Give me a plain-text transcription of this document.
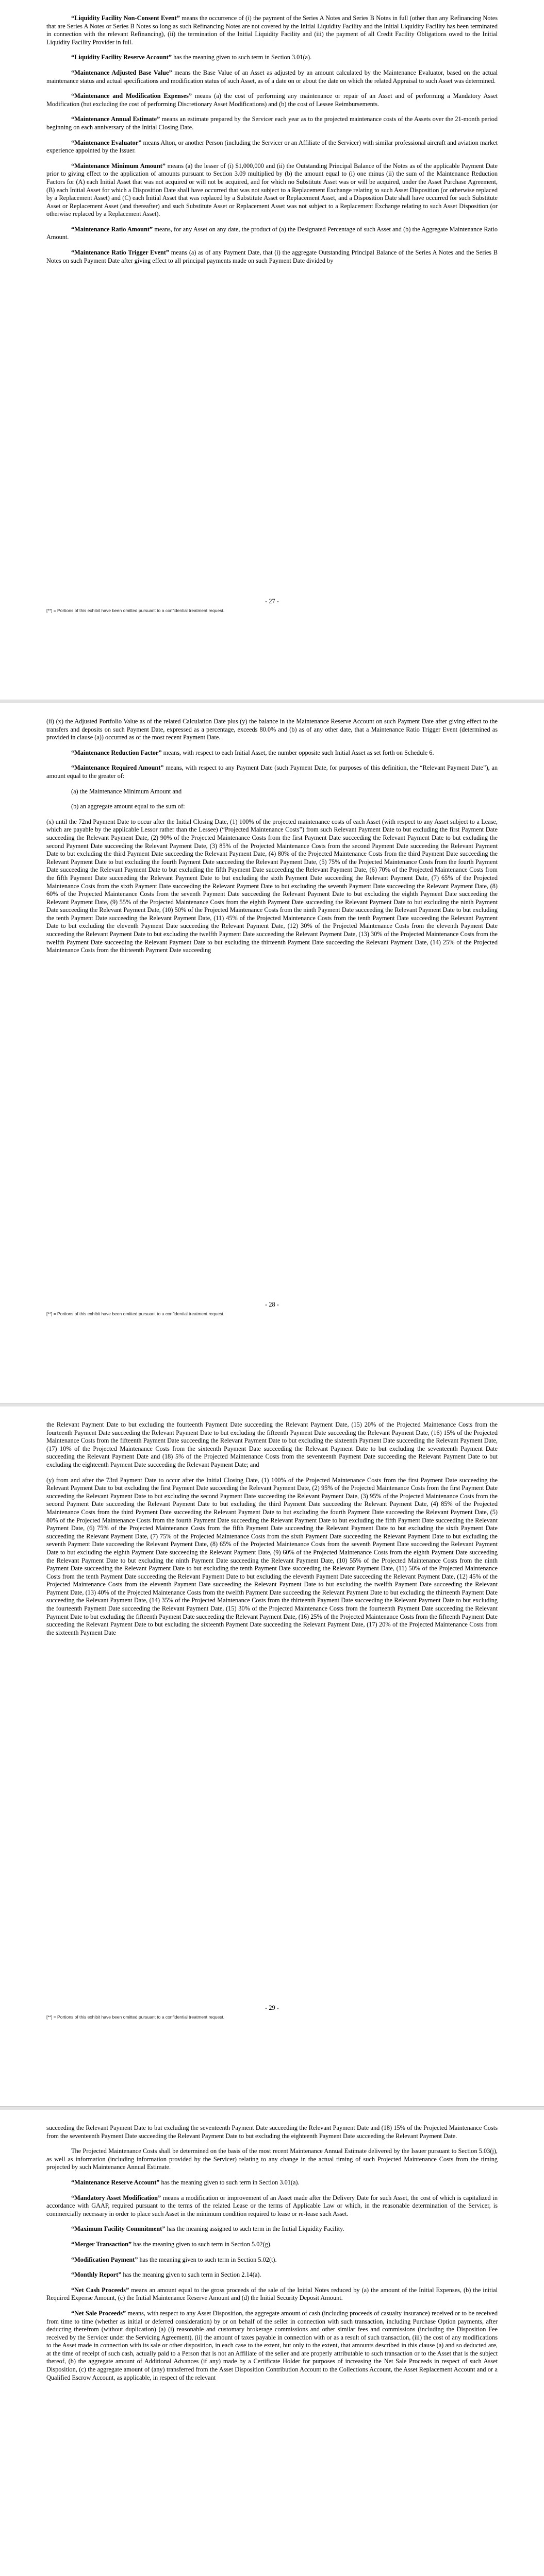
“Liquidity Facility Non-Consent Event” means the occurrence of (i) the payment of the Series A Notes and Series B Notes in full (other than any Refinancing Notes that are Series A Notes or Series B Notes so long as such Refinancing Notes are not covered by the Initial Liquidity Facility and the Initial Liquidity Facility has been terminated in connection with the relevant Refinancing), (ii) the termination of the Initial Liquidity Facility and (iii) the payment of all Credit Facility Obligations owed to the Initial Liquidity Facility Provider in full.

“Liquidity Facility Reserve Account” has the meaning given to such term in Section 3.01(a).

“Maintenance Adjusted Base Value” means the Base Value of an Asset as adjusted by an amount calculated by the Maintenance Evaluator, based on the actual maintenance status and actual specifications and modification status of such Asset, as of a date on or about the date on which the related Appraisal to such Asset was determined.

“Maintenance and Modification Expenses” means (a) the cost of performing any maintenance or repair of an Asset and of performing a Mandatory Asset Modification (but excluding the cost of performing Discretionary Asset Modifications) and (b) the cost of Lessee Reimbursements.

“Maintenance Annual Estimate” means an estimate prepared by the Servicer each year as to the projected maintenance costs of the Assets over the 21-month period beginning on each anniversary of the Initial Closing Date.

“Maintenance Evaluator” means Alton, or another Person (including the Servicer or an Affiliate of the Servicer) with similar professional aircraft and aviation market experience appointed by the Issuer.

“Maintenance Minimum Amount” means (a) the lesser of (i) $1,000,000 and (ii) the Outstanding Principal Balance of the Notes as of the applicable Payment Date prior to giving effect to the application of amounts pursuant to Section 3.09 multiplied by (b) the amount equal to (i) one minus (ii) the sum of the Maintenance Reduction Factors for (A) each Initial Asset that was not acquired or will not be acquired, and for which no Substitute Asset was or will be acquired, under the Asset Purchase Agreement, (B) each Initial Asset for which a Disposition Date shall have occurred that was not subject to a Replacement Exchange relating to such Asset Disposition (or otherwise replaced by a Replacement Asset) and (C) each Initial Asset that was replaced by a Substitute Asset or Replacement Asset, and a Disposition Date shall have occurred for such Substitute Asset or Replacement Asset (and thereafter) and such Substitute Asset or Replacement Asset was not subject to a Replacement Exchange relating to such Asset Disposition (or otherwise replaced by a Replacement Asset).

“Maintenance Ratio Amount” means, for any Asset on any date, the product of (a) the Designated Percentage of such Asset and (b) the Aggregate Maintenance Ratio Amount.

“Maintenance Ratio Trigger Event” means (a) as of any Payment Date, that (i) the aggregate Outstanding Principal Balance of the Series A Notes and the Series B Notes on such Payment Date after giving effect to all principal payments made on such Payment Date divided by

- 27 -
[**] = Portions of this exhibit have been omitted pursuant to a confidential treatment request.

(ii) (x) the Adjusted Portfolio Value as of the related Calculation Date plus (y) the balance in the Maintenance Reserve Account on such Payment Date after giving effect to the transfers and deposits on such Payment Date, expressed as a percentage, exceeds 80.0% and (b) as of any other date, that a Maintenance Ratio Trigger Event (determined as provided in clause (a)) occurred as of the most recent Payment Date.

“Maintenance Reduction Factor” means, with respect to each Initial Asset, the number opposite such Initial Asset as set forth on Schedule 6.

“Maintenance Required Amount” means, with respect to any Payment Date (such Payment Date, for purposes of this definition, the “Relevant Payment Date”), an amount equal to the greater of:

(a) the Maintenance Minimum Amount and

(b) an aggregate amount equal to the sum of:

(x) until the 72nd Payment Date to occur after the Initial Closing Date, (1) 100% of the projected maintenance costs of each Asset (with respect to any Asset subject to a Lease, which are payable by the applicable Lessor rather than the Lessee) (“Projected Maintenance Costs”) from such Relevant Payment Date to but excluding the first Payment Date succeeding the Relevant Payment Date, (2) 90% of the Projected Maintenance Costs from the first Payment Date succeeding the Relevant Payment Date to but excluding the second Payment Date succeeding the Relevant Payment Date, (3) 85% of the Projected Maintenance Costs from the second Payment Date succeeding the Relevant Payment Date to but excluding the third Payment Date succeeding the Relevant Payment Date, (4) 80% of the Projected Maintenance Costs from the third Payment Date succeeding the Relevant Payment Date to but excluding the fourth Payment Date succeeding the Relevant Payment Date, (5) 75% of the Projected Maintenance Costs from the fourth Payment Date succeeding the Relevant Payment Date to but excluding the fifth Payment Date succeeding the Relevant Payment Date, (6) 70% of the Projected Maintenance Costs from the fifth Payment Date succeeding the Relevant Payment Date to but excluding the sixth Payment Date succeeding the Relevant Payment Date, (7) 65% of the Projected Maintenance Costs from the sixth Payment Date succeeding the Relevant Payment Date to but excluding the seventh Payment Date succeeding the Relevant Payment Date, (8) 60% of the Projected Maintenance Costs from the seventh Payment Date succeeding the Relevant Payment Date to but excluding the eighth Payment Date succeeding the Relevant Payment Date, (9) 55% of the Projected Maintenance Costs from the eighth Payment Date succeeding the Relevant Payment Date to but excluding the ninth Payment Date succeeding the Relevant Payment Date, (10) 50% of the Projected Maintenance Costs from the ninth Payment Date succeeding the Relevant Payment Date to but excluding the tenth Payment Date succeeding the Relevant Payment Date, (11) 45% of the Projected Maintenance Costs from the tenth Payment Date succeeding the Relevant Payment Date to but excluding the eleventh Payment Date succeeding the Relevant Payment Date, (12) 30% of the Projected Maintenance Costs from the eleventh Payment Date succeeding the Relevant Payment Date to but excluding the twelfth Payment Date succeeding the Relevant Payment Date, (13) 30% of the Projected Maintenance Costs from the twelfth Payment Date succeeding the Relevant Payment Date to but excluding the thirteenth Payment Date succeeding the Relevant Payment Date, (14) 25% of the Projected Maintenance Costs from the thirteenth Payment Date succeeding

- 28 -
[**] = Portions of this exhibit have been omitted pursuant to a confidential treatment request.

the Relevant Payment Date to but excluding the fourteenth Payment Date succeeding the Relevant Payment Date, (15) 20% of the Projected Maintenance Costs from the fourteenth Payment Date succeeding the Relevant Payment Date to but excluding the fifteenth Payment Date succeeding the Relevant Payment Date, (16) 15% of the Projected Maintenance Costs from the fifteenth Payment Date succeeding the Relevant Payment Date to but excluding the sixteenth Payment Date succeeding the Relevant Payment Date, (17) 10% of the Projected Maintenance Costs from the sixteenth Payment Date succeeding the Relevant Payment Date to but excluding the seventeenth Payment Date succeeding the Relevant Payment Date and (18) 5% of the Projected Maintenance Costs from the seventeenth Payment Date succeeding the Relevant Payment Date to but excluding the eighteenth Payment Date succeeding the Relevant Payment Date; and

(y) from and after the 73rd Payment Date to occur after the Initial Closing Date, (1) 100% of the Projected Maintenance Costs from the first Payment Date succeeding the Relevant Payment Date to but excluding the first Payment Date succeeding the Relevant Payment Date, (2) 95% of the Projected Maintenance Costs from the first Payment Date succeeding the Relevant Payment Date to but excluding the second Payment Date succeeding the Relevant Payment Date, (3) 95% of the Projected Maintenance Costs from the second Payment Date succeeding the Relevant Payment Date to but excluding the third Payment Date succeeding the Relevant Payment Date, (4) 85% of the Projected Maintenance Costs from the third Payment Date succeeding the Relevant Payment Date to but excluding the fourth Payment Date succeeding the Relevant Payment Date, (5) 80% of the Projected Maintenance Costs from the fourth Payment Date succeeding the Relevant Payment Date to but excluding the fifth Payment Date succeeding the Relevant Payment Date, (6) 75% of the Projected Maintenance Costs from the fifth Payment Date succeeding the Relevant Payment Date to but excluding the sixth Payment Date succeeding the Relevant Payment Date, (7) 75% of the Projected Maintenance Costs from the sixth Payment Date succeeding the Relevant Payment Date to but excluding the seventh Payment Date succeeding the Relevant Payment Date, (8) 65% of the Projected Maintenance Costs from the seventh Payment Date succeeding the Relevant Payment Date to but excluding the eighth Payment Date succeeding the Relevant Payment Date, (9) 60% of the Projected Maintenance Costs from the eighth Payment Date succeeding the Relevant Payment Date to but excluding the ninth Payment Date succeeding the Relevant Payment Date, (10) 55% of the Projected Maintenance Costs from the ninth Payment Date succeeding the Relevant Payment Date to but excluding the tenth Payment Date succeeding the Relevant Payment Date, (11) 50% of the Projected Maintenance Costs from the tenth Payment Date succeeding the Relevant Payment Date to but excluding the eleventh Payment Date succeeding the Relevant Payment Date, (12) 45% of the Projected Maintenance Costs from the eleventh Payment Date succeeding the Relevant Payment Date to but excluding the twelfth Payment Date succeeding the Relevant Payment Date, (13) 40% of the Projected Maintenance Costs from the twelfth Payment Date succeeding the Relevant Payment Date to but excluding the thirteenth Payment Date succeeding the Relevant Payment Date, (14) 35% of the Projected Maintenance Costs from the thirteenth Payment Date succeeding the Relevant Payment Date to but excluding the fourteenth Payment Date succeeding the Relevant Payment Date, (15) 30% of the Projected Maintenance Costs from the fourteenth Payment Date succeeding the Relevant Payment Date to but excluding the fifteenth Payment Date succeeding the Relevant Payment Date, (16) 25% of the Projected Maintenance Costs from the fifteenth Payment Date succeeding the Relevant Payment Date to but excluding the sixteenth Payment Date succeeding the Relevant Payment Date, (17) 20% of the Projected Maintenance Costs from the sixteenth Payment Date

- 29 -
[**] = Portions of this exhibit have been omitted pursuant to a confidential treatment request.

succeeding the Relevant Payment Date to but excluding the seventeenth Payment Date succeeding the Relevant Payment Date and (18) 15% of the Projected Maintenance Costs from the seventeenth Payment Date succeeding the Relevant Payment Date to but excluding the eighteenth Payment Date succeeding the Relevant Payment Date.

The Projected Maintenance Costs shall be determined on the basis of the most recent Maintenance Annual Estimate delivered by the Issuer pursuant to Section 5.03(j), as well as information (including information provided by the Servicer) relating to any change in the actual timing of such Projected Maintenance Costs from the timing projected by such Maintenance Annual Estimate.

“Maintenance Reserve Account” has the meaning given to such term in Section 3.01(a).

“Mandatory Asset Modification” means a modification or improvement of an Asset made after the Delivery Date for such Asset, the cost of which is capitalized in accordance with GAAP, required pursuant to the terms of the related Lease or the terms of Applicable Law or which, in the reasonable determination of the Servicer, is commercially necessary in order to place such Asset in the minimum condition required to lease or re-lease such Asset.

“Maximum Facility Commitment” has the meaning assigned to such term in the Initial Liquidity Facility.

“Merger Transaction” has the meaning given to such term in Section 5.02(g).

“Modification Payment” has the meaning given to such term in Section 5.02(t).

“Monthly Report” has the meaning given to such term in Section 2.14(a).

“Net Cash Proceeds” means an amount equal to the gross proceeds of the sale of the Initial Notes reduced by (a) the amount of the Initial Expenses, (b) the initial Required Expense Amount, (c) the Initial Maintenance Reserve Amount and (d) the Initial Security Deposit Amount.

“Net Sale Proceeds” means, with respect to any Asset Disposition, the aggregate amount of cash (including proceeds of casualty insurance) received or to be received from time to time (whether as initial or deferred consideration) by or on behalf of the seller in connection with such transaction, including Purchase Option payments, after deducting therefrom (without duplication) (a) (i) reasonable and customary brokerage commissions and other similar fees and commissions (including the Disposition Fee received by the Servicer under the Servicing Agreement), (ii) the amount of taxes payable in connection with or as a result of such transaction, (iii) the cost of any modifications to the Asset made in connection with its sale or other disposition, in each case to the extent, but only to the extent, that amounts described in this clause (a) and so deducted are, at the time of receipt of such cash, actually paid to a Person that is not an Affiliate of the seller and are properly attributable to such transaction or to the Asset that is the subject thereof, (b) the aggregate amount of Additional Advances (if any) made by a Certificate Holder for purposes of increasing the Net Sale Proceeds in respect of such Asset Disposition, (c) the aggregate amount of (any) transferred from the Asset Disposition Contribution Account to the Collections Account, the Asset Replacement Account and or a Qualified Escrow Account, as applicable, in respect of the relevant
